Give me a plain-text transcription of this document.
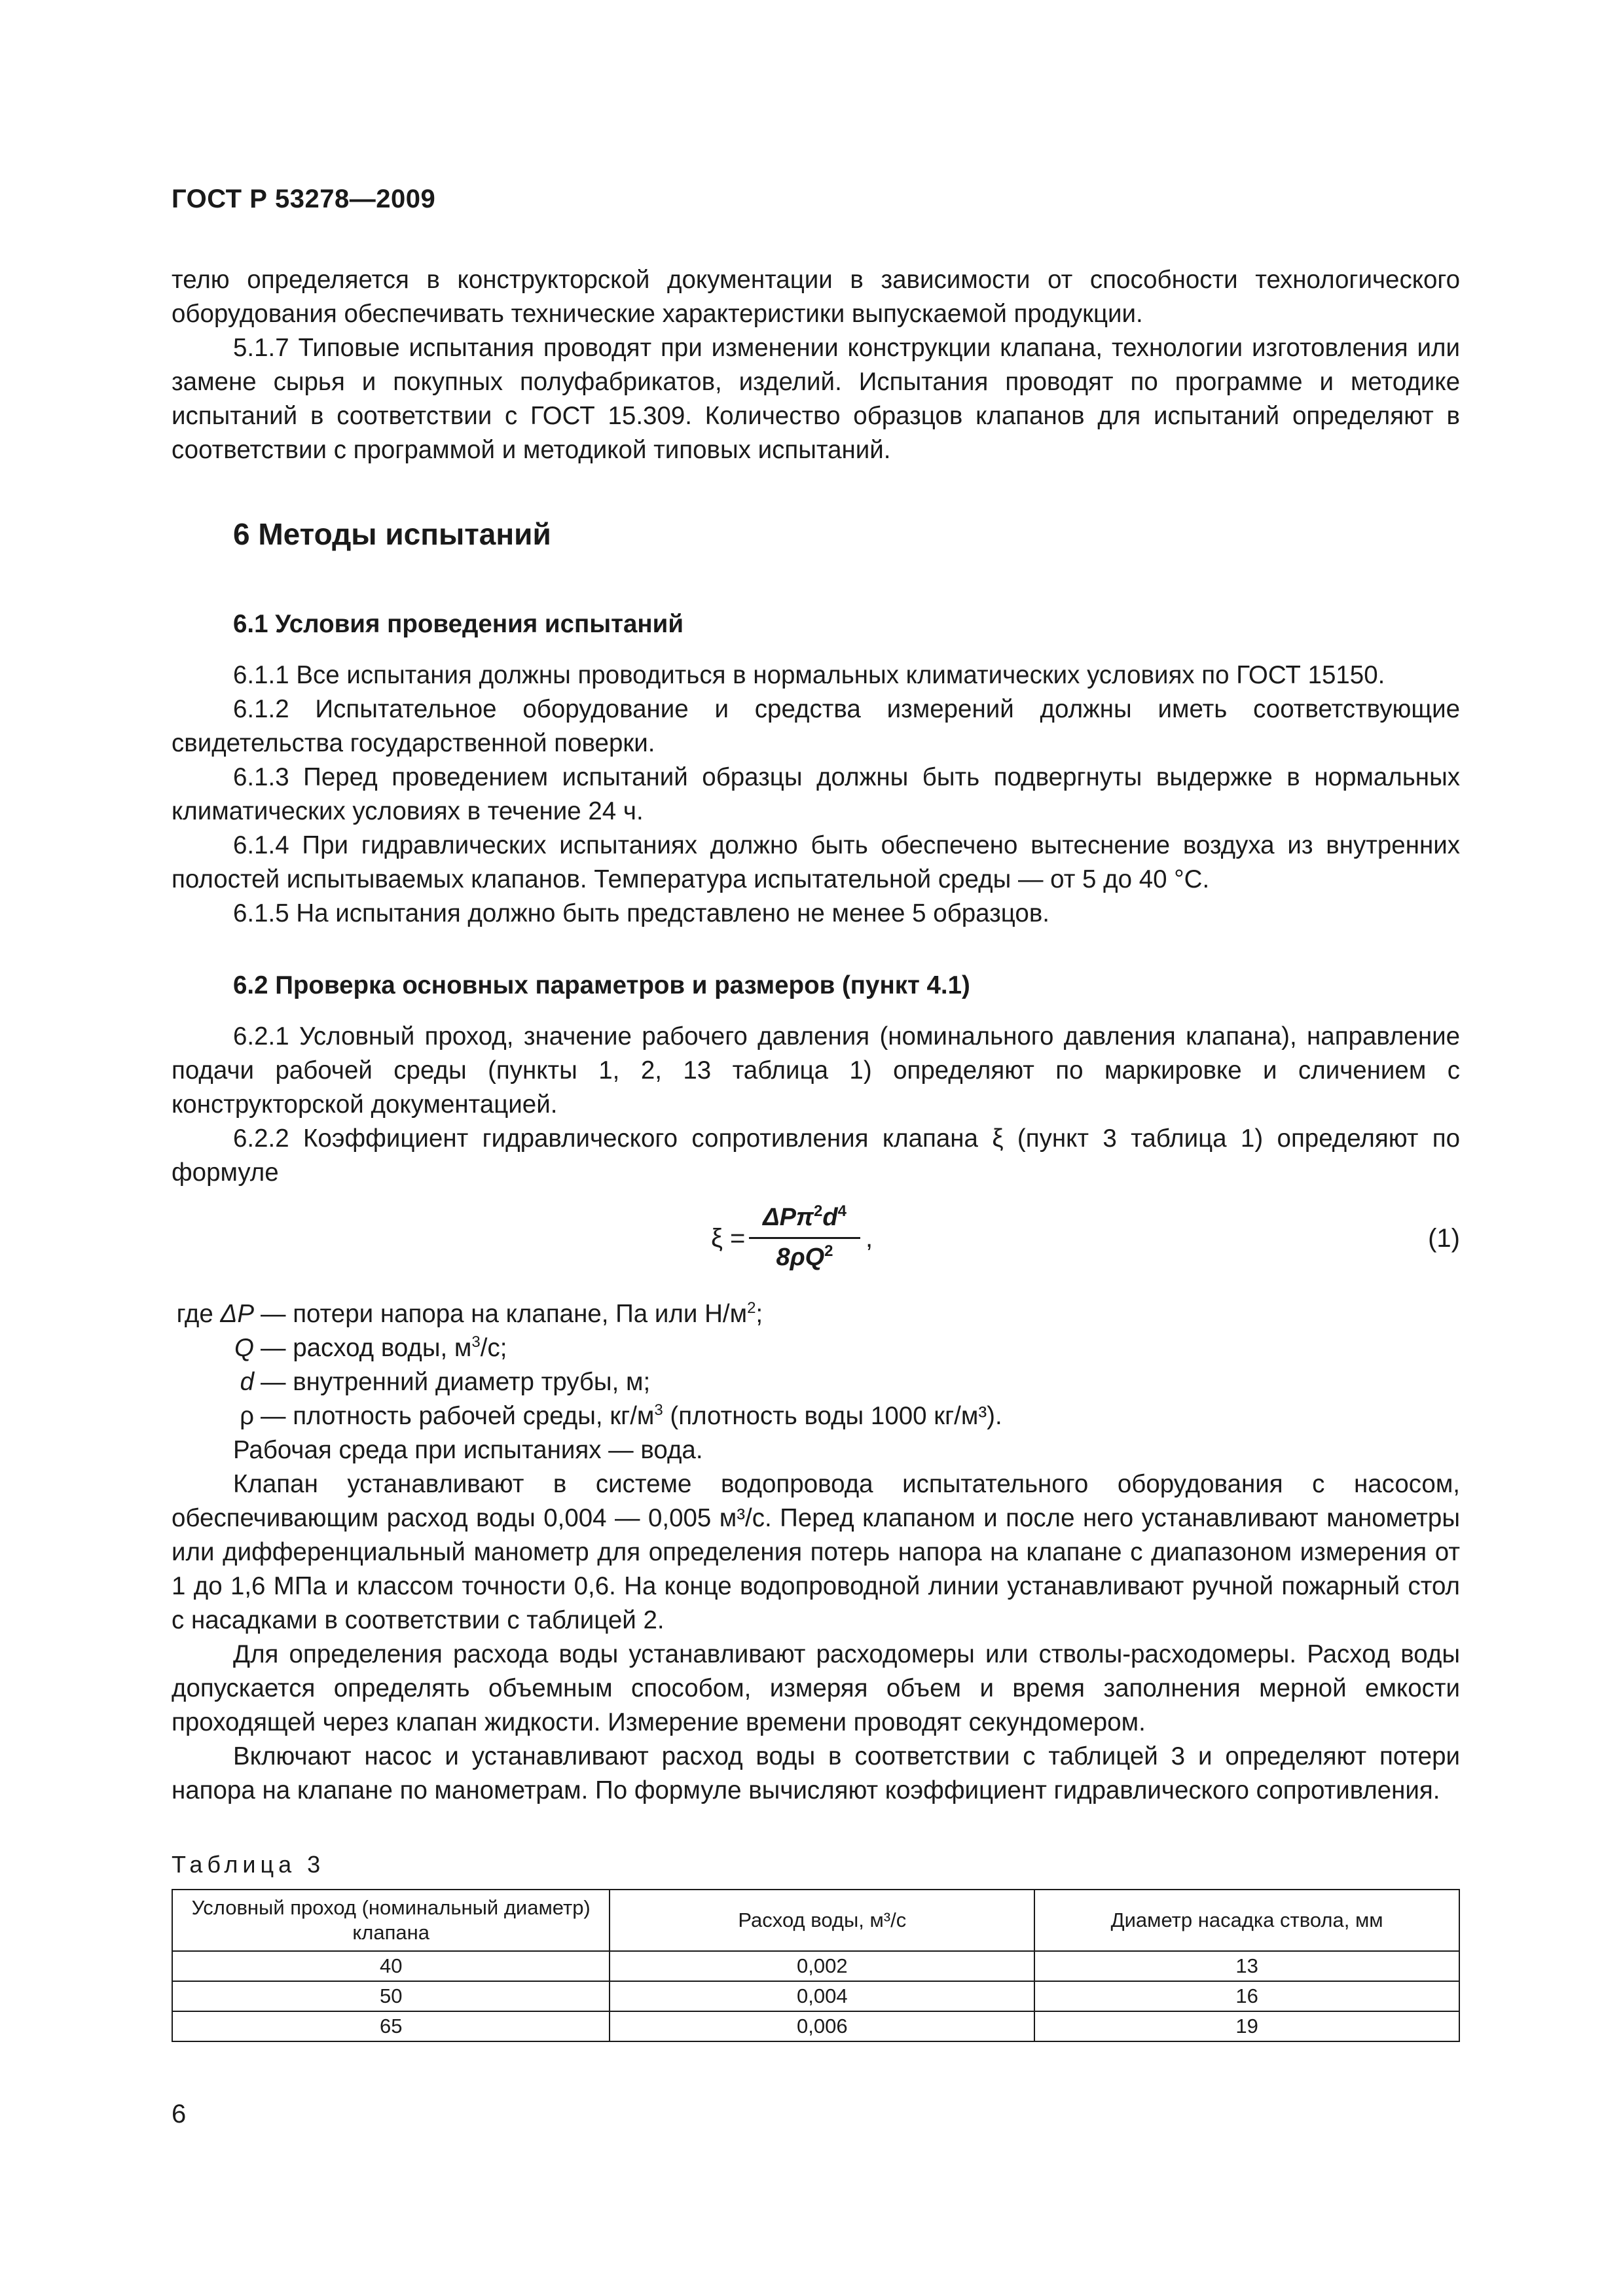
ГОСТ Р 53278—2009

телю определяется в конструкторской документации в зависимости от способности технологического оборудования обеспечивать технические характеристики выпускаемой продукции.

5.1.7 Типовые испытания проводят при изменении конструкции клапана, технологии изготовления или замене сырья и покупных полуфабрикатов, изделий. Испытания проводят по программе и методике испытаний в соответствии с ГОСТ 15.309. Количество образцов клапанов для испытаний определяют в соответствии с программой и методикой типовых испытаний.

6 Методы испытаний
6.1 Условия проведения испытаний

6.1.1 Все испытания должны проводиться в нормальных климатических условиях по ГОСТ 15150.

6.1.2 Испытательное оборудование и средства измерений должны иметь соответствующие свидетельства государственной поверки.

6.1.3 Перед проведением испытаний образцы должны быть подвергнуты выдержке в нормальных климатических условиях в течение 24 ч.

6.1.4 При гидравлических испытаниях должно быть обеспечено вытеснение воздуха из внутренних полостей испытываемых клапанов. Температура испытательной среды — от 5 до 40 °С.

6.1.5 На испытания должно быть представлено не менее 5 образцов.

6.2 Проверка основных параметров и размеров (пункт 4.1)

6.2.1 Условный проход, значение рабочего давления (номинального давления клапана), направление подачи рабочей среды (пункты 1, 2, 13 таблица 1) определяют по маркировке и сличением с конструкторской документацией.

6.2.2 Коэффициент гидравлического сопротивления клапана ξ (пункт 3 таблица 1) определяют по формуле

ξ =
$\Delta P\pi^2d^4$
$8\rho Q^2$	,	(1)
где ΔP — потери напора на клапане, Па или $Н/м^2$;
Q — расход воды, $м^3/с$;
d — внутренний диаметр трубы, м;
ρ — плотность рабочей среды, $кг/м^3$ (плотность воды 1000 кг/м³).

Рабочая среда при испытаниях — вода.

Клапан устанавливают в системе водопровода испытательного оборудования с насосом, обеспечивающим расход воды 0,004 — 0,005 м³/с. Перед клапаном и после него устанавливают манометры или дифференциальный манометр для определения потерь напора на клапане с диапазоном измерения от 1 до 1,6 МПа и классом точности 0,6. На конце водопроводной линии устанавливают ручной пожарный стол с насадками в соответствии с таблицей 2.

Для определения расхода воды устанавливают расходомеры или стволы-расходомеры. Расход воды допускается определять объемным способом, измеряя объем и время заполнения мерной емкости проходящей через клапан жидкости. Измерение времени проводят секундомером.

Включают насос и устанавливают расход воды в соответствии с таблицей 3 и определяют потери напора на клапане по манометрам. По формуле вычисляют коэффициент гидравлического сопротивления.

Таблица 3
Условный проход (номинальный диаметр) клапана	Расход воды, м³/с	Диаметр насадка ствола, мм
40	0,002	13
50	0,004	16
65	0,006	19
6
